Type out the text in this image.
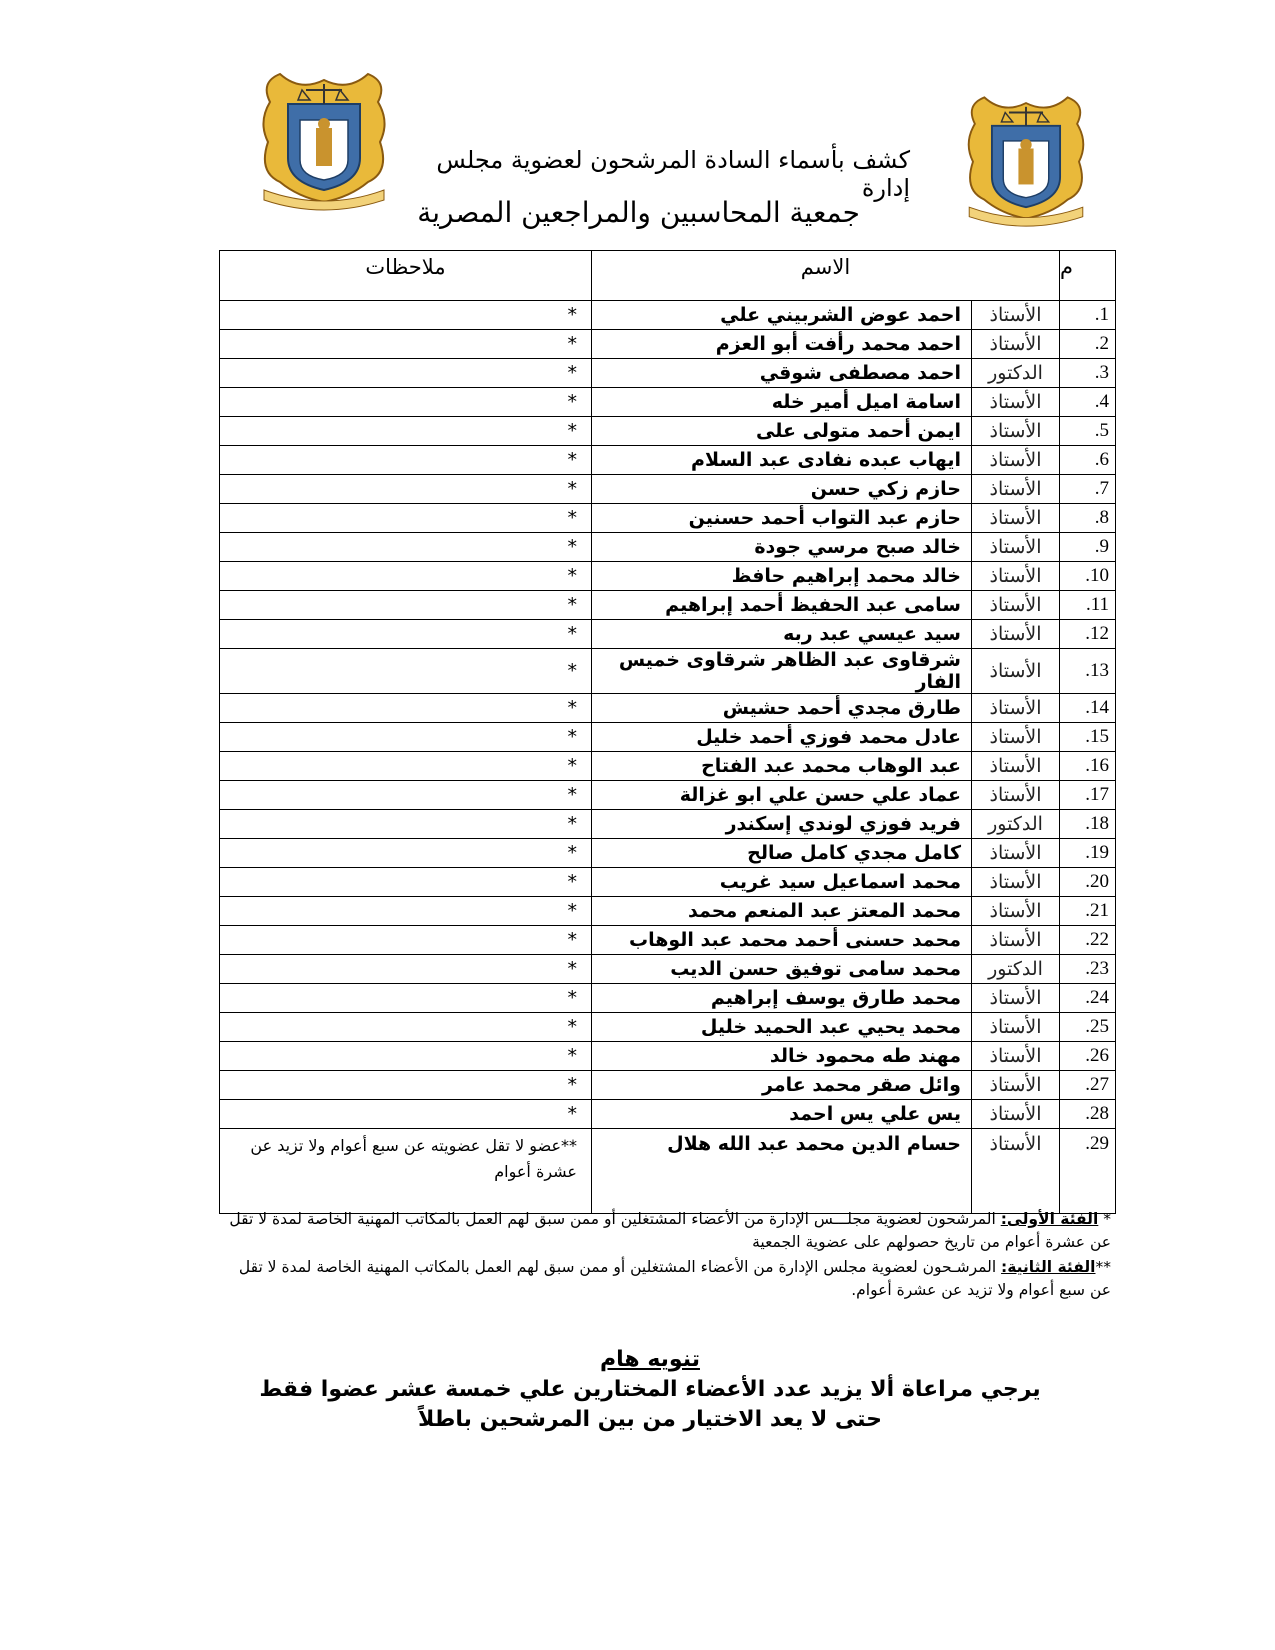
كشف بأسماء السادة المرشحون لعضوية مجلس إدارة
جمعية المحاسبين والمراجعين المصرية
م	الاسم		ملاحظات
1.	الأستاذ	احمد عوض الشربيني علي	*
2.	الأستاذ	احمد محمد رأفت أبو العزم	*
3.	الدكتور	احمد مصطفى شوقي	*
4.	الأستاذ	اسامة اميل أمير خله	*
5.	الأستاذ	ايمن أحمد متولى على	*
6.	الأستاذ	ايهاب عبده نفادى عبد السلام	*
7.	الأستاذ	حازم زكي حسن	*
8.	الأستاذ	حازم عبد التواب أحمد حسنين	*
9.	الأستاذ	خالد صبح مرسي جودة	*
10.	الأستاذ	خالد محمد إبراهيم حافظ	*
11.	الأستاذ	سامى عبد الحفيظ أحمد إبراهيم	*
12.	الأستاذ	سيد عيسي عبد ربه	*
13.	الأستاذ	شرقاوى عبد الظاهر شرقاوى خميس الفار	*
14.	الأستاذ	طارق مجدي أحمد حشيش	*
15.	الأستاذ	عادل محمد فوزي أحمد خليل	*
16.	الأستاذ	عبد الوهاب محمد عبد الفتاح	*
17.	الأستاذ	عماد علي حسن علي ابو غزالة	*
18.	الدكتور	فريد فوزي لوندي إسكندر	*
19.	الأستاذ	كامل مجدي كامل صالح	*
20.	الأستاذ	محمد اسماعيل سيد غريب	*
21.	الأستاذ	محمد المعتز عبد المنعم محمد	*
22.	الأستاذ	محمد حسنى أحمد محمد عبد الوهاب	*
23.	الدكتور	محمد سامى توفيق حسن الديب	*
24.	الأستاذ	محمد طارق يوسف إبراهيم	*
25.	الأستاذ	محمد يحيي عبد الحميد خليل	*
26.	الأستاذ	مهند طه محمود خالد	*
27.	الأستاذ	وائل صقر محمد عامر	*
28.	الأستاذ	يس علي يس احمد	*
29.	الأستاذ	حسام الدين محمد عبد الله هلال	**عضو لا تقل عضويته عن سبع أعوام ولا تزيد عن عشرة أعوام

* الفئة الأولى: المرشحون لعضوية مجلـــس الإدارة من الأعضاء المشتغلين أو ممن سبق لهم العمل بالمكاتب المهنية الخاصة لمدة لا تقل عن عشرة أعوام من تاريخ حصولهم على عضوية الجمعية

**الفئة الثانية: المرشـحون لعضوية مجلس الإدارة من الأعضاء المشتغلين أو ممن سبق لهم العمل بالمكاتب المهنية الخاصة لمدة لا تقل عن سبع أعوام ولا تزيد عن عشرة أعوام.

تنويه هام
يرجي مراعاة ألا يزيد عدد الأعضاء المختارين علي خمسة عشر عضوا فقط
حتى لا يعد الاختيار من بين المرشحين باطلاً
